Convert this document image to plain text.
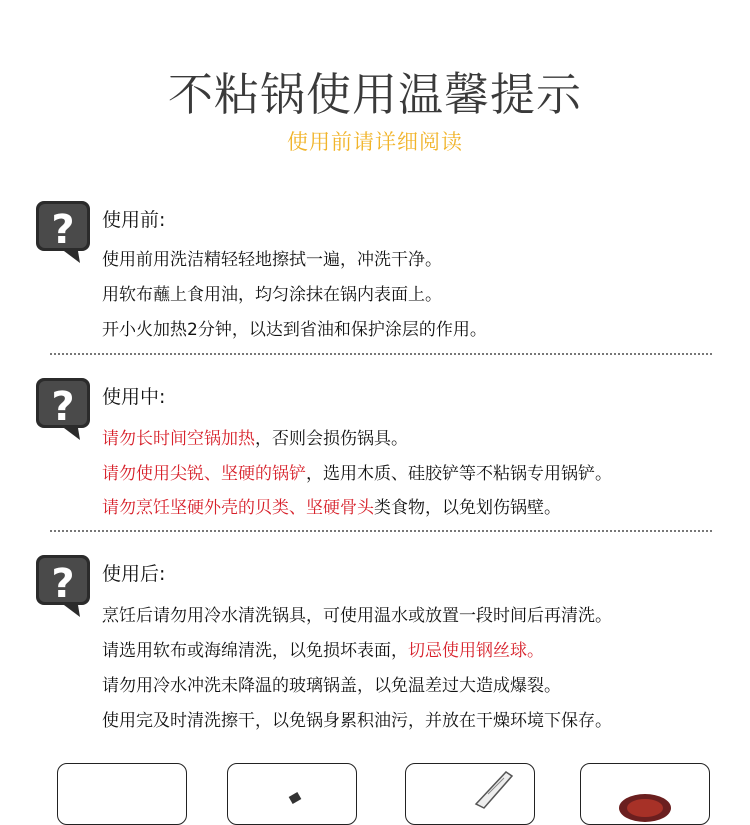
不粘锅使用温馨提示
使用前请详细阅读
? 使用前:
使用前用洗洁精轻轻地擦拭一遍，冲洗干净。
用软布蘸上食用油，均匀涂抹在锅内表面上。
开小火加热2分钟，以达到省油和保护涂层的作用。
? 使用中:
请勿长时间空锅加热，否则会损伤锅具。
请勿使用尖锐、坚硬的锅铲，选用木质、硅胶铲等不粘锅专用锅铲。
请勿烹饪坚硬外壳的贝类、坚硬骨头类食物，以免划伤锅壁。
? 使用后:
烹饪后请勿用冷水清洗锅具，可使用温水或放置一段时间后再清洗。
请选用软布或海绵清洗，以免损坏表面，切忌使用钢丝球。
请勿用冷水冲洗未降温的玻璃锅盖，以免温差过大造成爆裂。
使用完及时清洗擦干，以免锅身累积油污，并放在干燥环境下保存。
